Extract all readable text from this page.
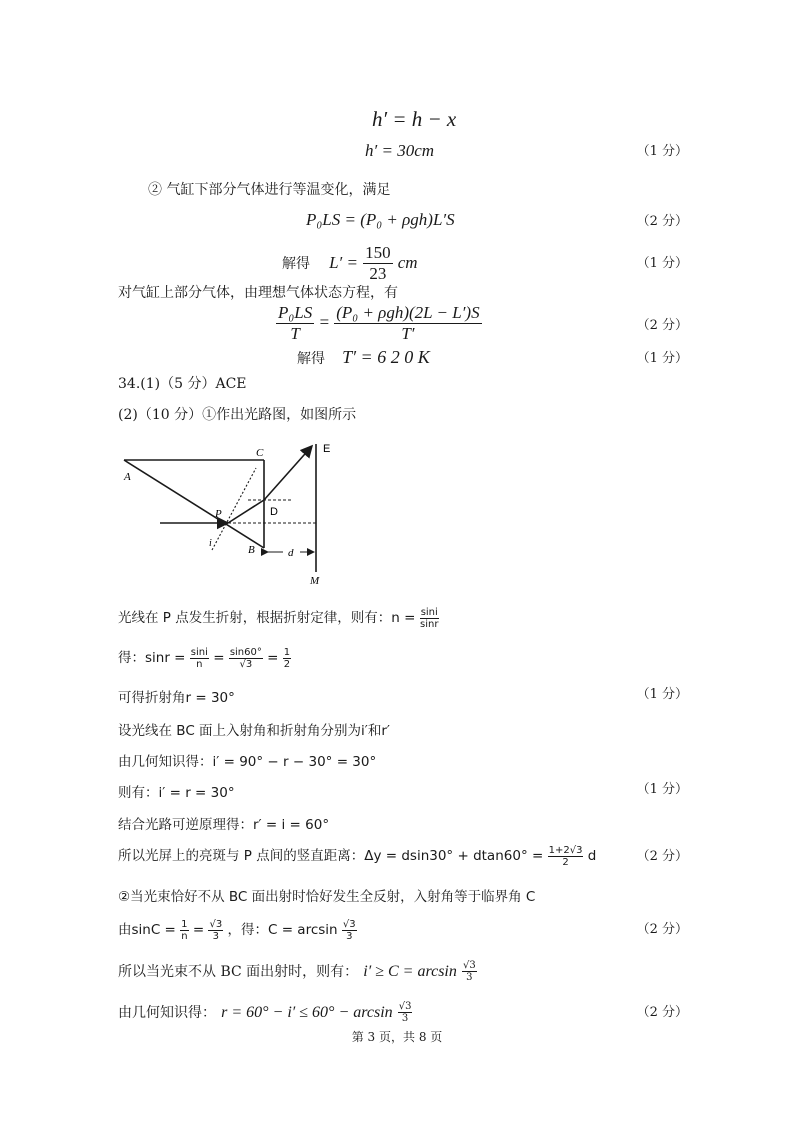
h′ = h − x
h′ = 30cm	（1 分）
② 气缸下部分气体进行等温变化，满足
P₀LS = (P₀ + ρgh)L′S	（2 分）
解得 $L' = \frac{150}{23}$ cm	（1 分）
对气缸上部分气体，由理想气体状态方程，有
$\frac{\text{P₀LS}}{T} = \frac{\text{(P₀ + ρgh)(2L − L′)S}}{T'}$	（2 分）
解得 T′ = 6 2 0 K	（1 分）
34.(1)（5 分）ACE
(2)（10 分）①作出光路图，如图所示
A
C
P
i
B
D
E
M
d
光线在 P 点发生折射，根据折射定律，则有：$n = \frac{\sin i}{\sin r}$
得：$\sin r = \frac{\sin i}{n} = \frac{\sin 60^\circ}{√3} = \frac{1}{2}$
可得折射角r = 30°	（1 分）
设光线在 BC 面上入射角和折射角分别为i′和r′
由几何知识得：i′ = 90° − r − 30° = 30°
则有：i′ = r = 30°	（1 分）
结合光路可逆原理得：r′ = i = 60°
所以光屏上的亮斑与 P 点间的竖直距离：$\Delta y = dsin30^\circ + dtan60^\circ = \frac{1+2√3}{2}$ d	（2 分）
②当光束恰好不从 BC 面出射时恰好发生全反射，入射角等于临界角 C
由$\sin C = \frac{1}{n} = \frac{√3}{3}$ ，得：$C = \arcsin \frac{√3}{3}$	（2 分）
所以当光束不从 BC 面出射时，则有： $i' \ge C = \arcsin \frac{√3}{3}$
由几何知识得： $r = 60^\circ - i' \le 60^\circ - \arcsin \frac{√3}{3}$	（2 分）
第 3 页，共 8 页
